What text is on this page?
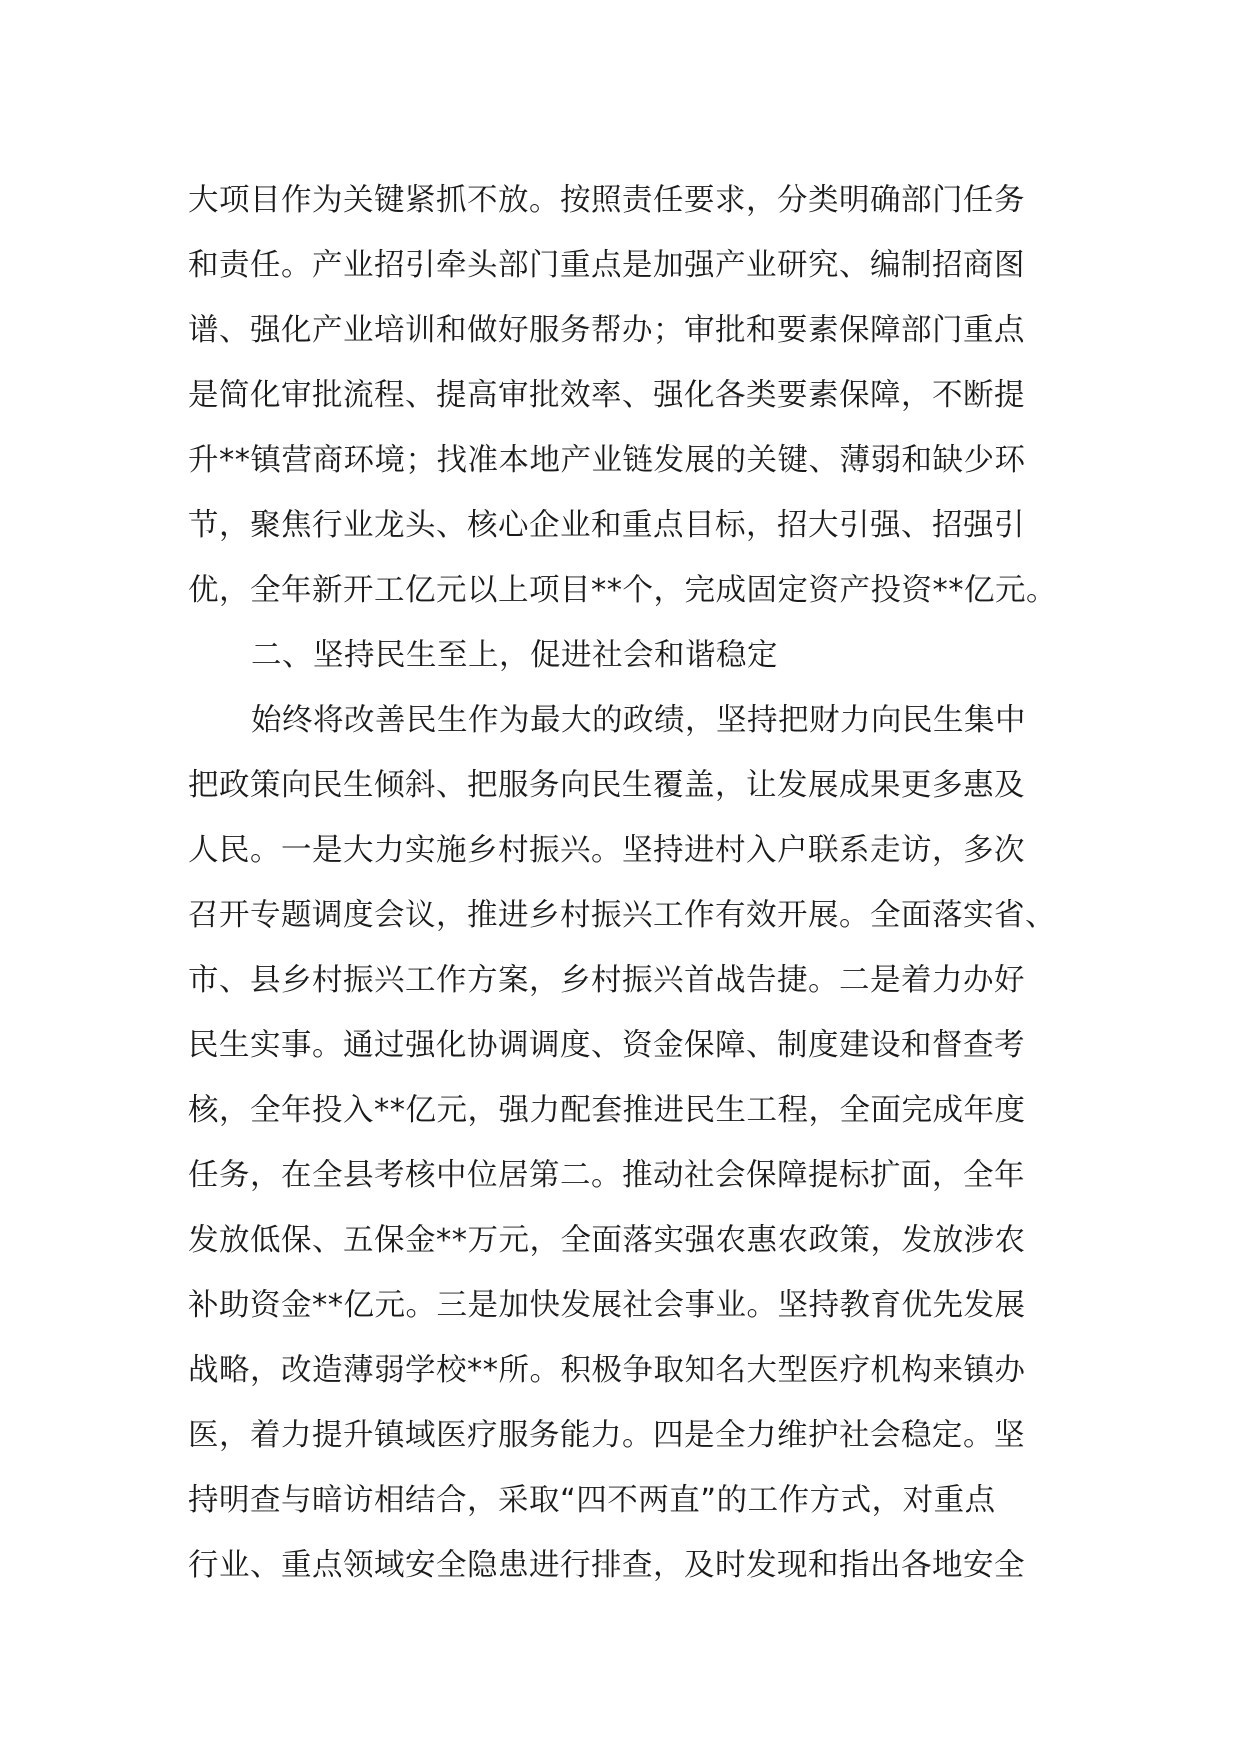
大项目作为关键紧抓不放。按照责任要求，分类明确部门任务
和责任。产业招引牵头部门重点是加强产业研究、编制招商图
谱、强化产业培训和做好服务帮办；审批和要素保障部门重点
是简化审批流程、提高审批效率、强化各类要素保障，不断提
升**镇营商环境；找准本地产业链发展的关键、薄弱和缺少环
节，聚焦行业龙头、核心企业和重点目标，招大引强、招强引
优，全年新开工亿元以上项目**个，完成固定资产投资**亿元。
二、坚持民生至上，促进社会和谐稳定
始终将改善民生作为最大的政绩，坚持把财力向民生集中
把政策向民生倾斜、把服务向民生覆盖，让发展成果更多惠及
人民。一是大力实施乡村振兴。坚持进村入户联系走访，多次
召开专题调度会议，推进乡村振兴工作有效开展。全面落实省、
市、县乡村振兴工作方案，乡村振兴首战告捷。二是着力办好
民生实事。通过强化协调调度、资金保障、制度建设和督查考
核，全年投入**亿元，强力配套推进民生工程，全面完成年度
任务，在全县考核中位居第二。推动社会保障提标扩面，全年
发放低保、五保金**万元，全面落实强农惠农政策，发放涉农
补助资金**亿元。三是加快发展社会事业。坚持教育优先发展
战略，改造薄弱学校**所。积极争取知名大型医疗机构来镇办
医，着力提升镇域医疗服务能力。四是全力维护社会稳定。坚
持明查与暗访相结合，采取“四不两直”的工作方式，对重点
行业、重点领域安全隐患进行排查，及时发现和指出各地安全
